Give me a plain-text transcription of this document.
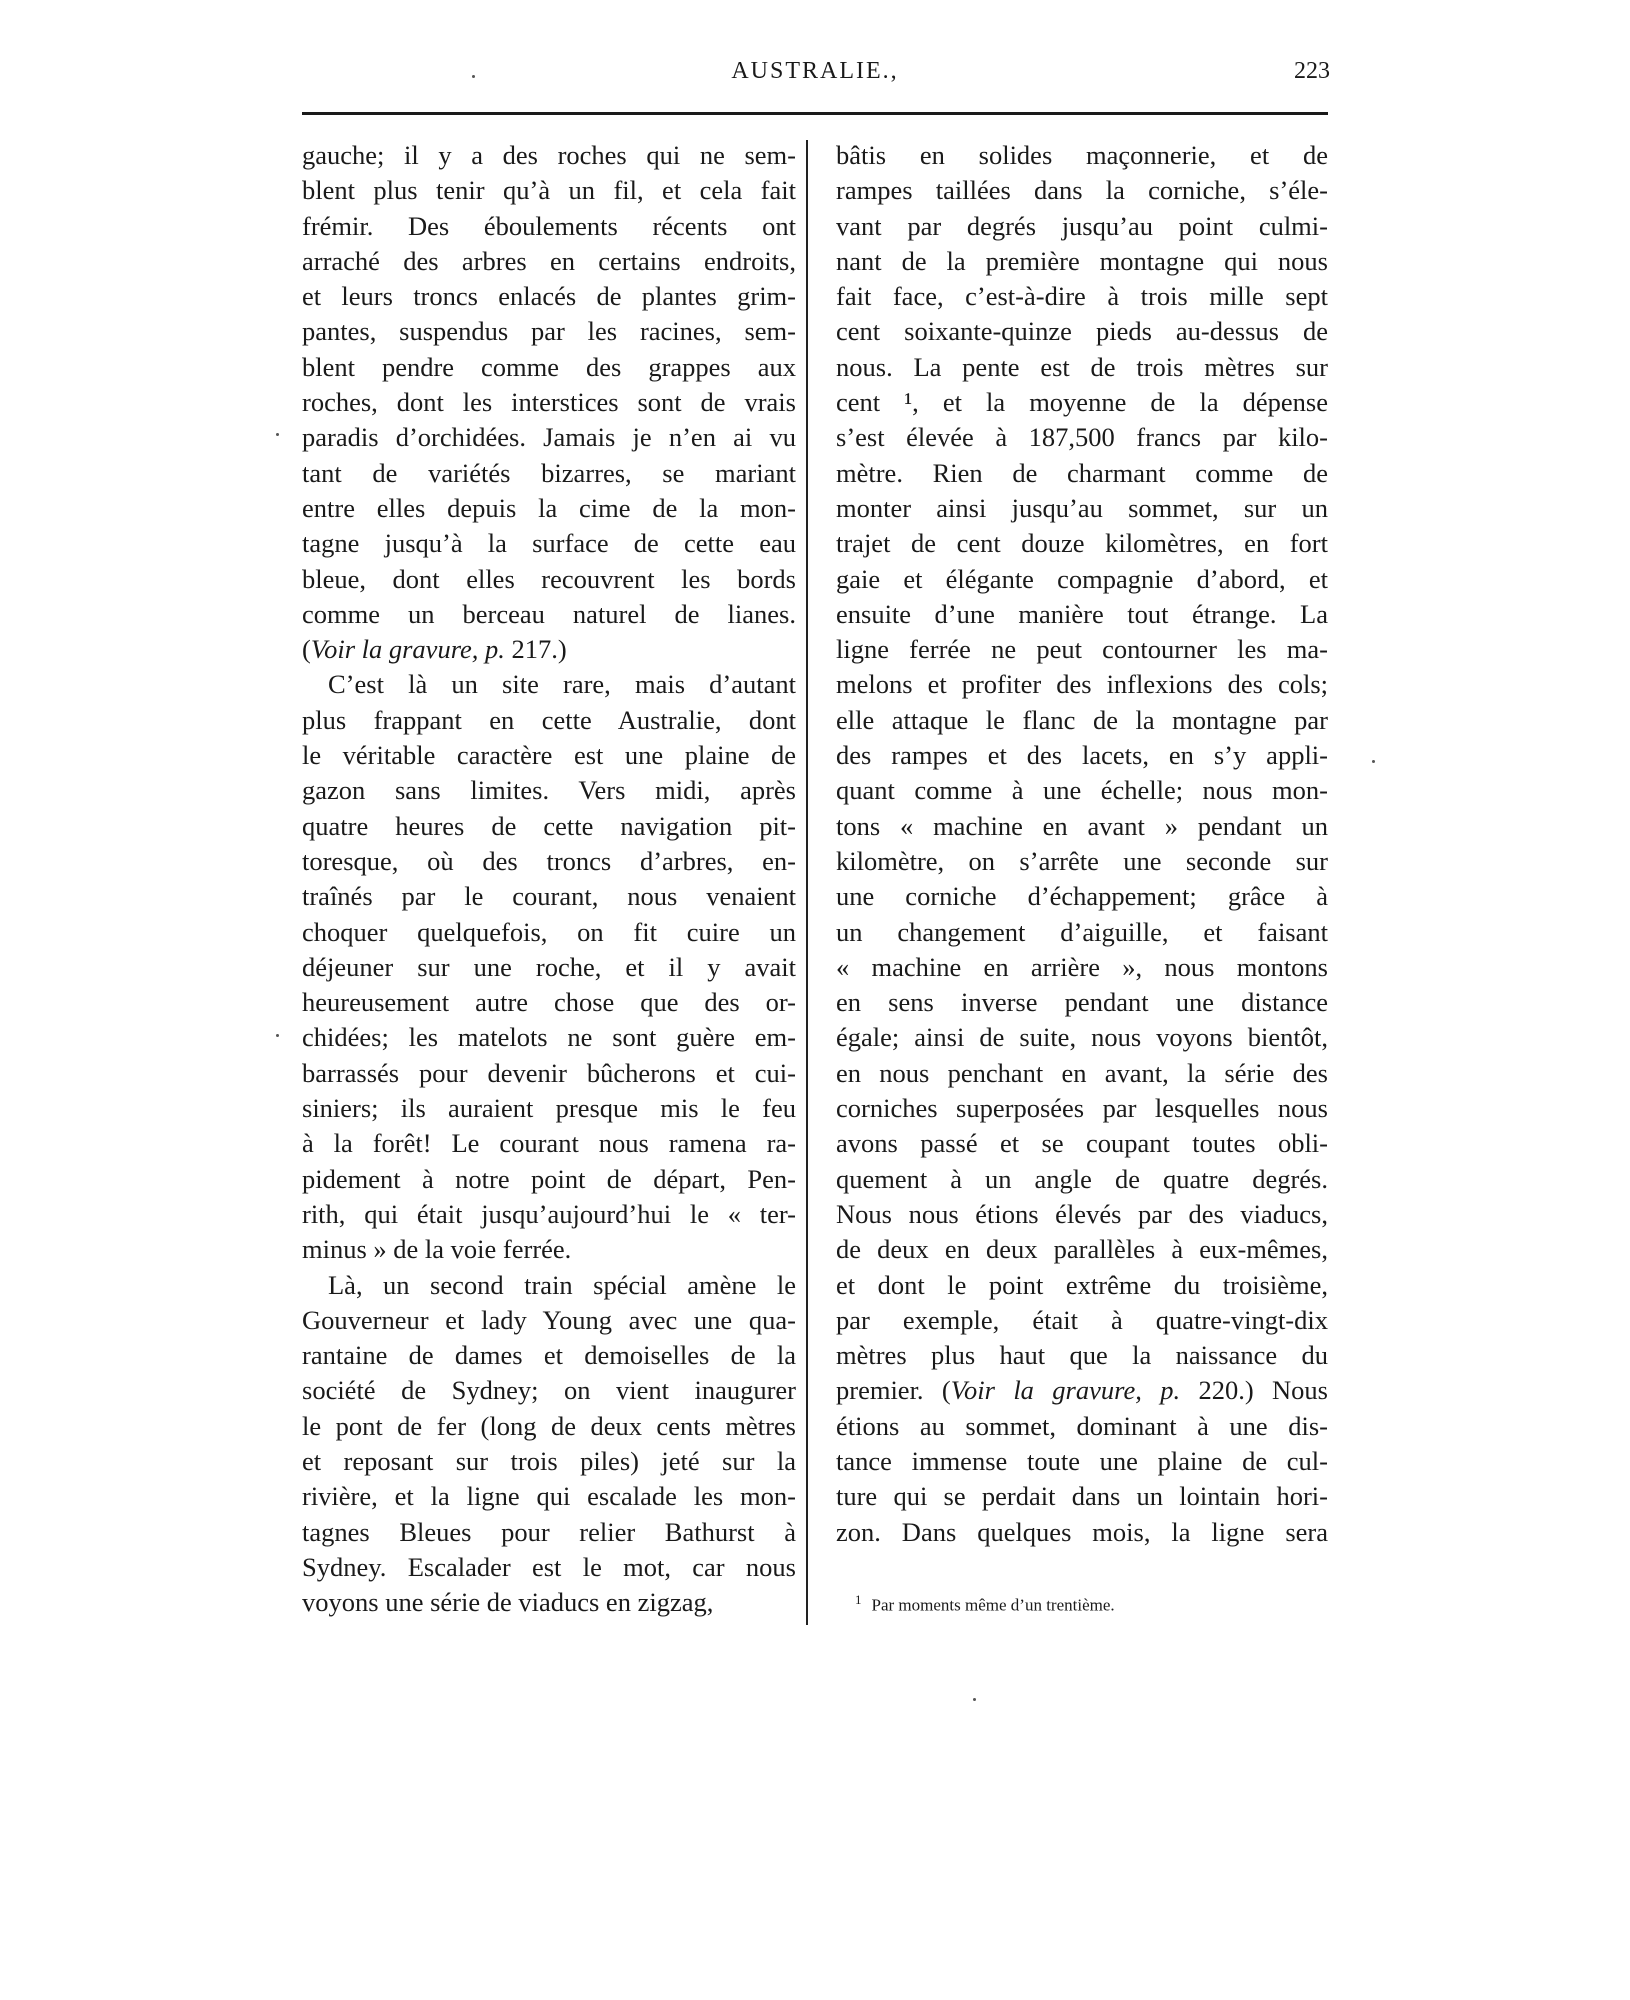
AUSTRALIE.,	223
gauche; il y a des roches qui ne sem-
blent plus tenir qu’à un fil, et cela fait
frémir. Des éboulements récents ont
arraché des arbres en certains endroits,
et leurs troncs enlacés de plantes grim-
pantes, suspendus par les racines, sem-
blent pendre comme des grappes aux
roches, dont les interstices sont de vrais
paradis d’orchidées. Jamais je n’en ai vu
tant de variétés bizarres, se mariant
entre elles depuis la cime de la mon-
tagne jusqu’à la surface de cette eau
bleue, dont elles recouvrent les bords
comme un berceau naturel de lianes.
(Voir la gravure, p. 217.)
C’est là un site rare, mais d’autant
plus frappant en cette Australie, dont
le véritable caractère est une plaine de
gazon sans limites. Vers midi, après
quatre heures de cette navigation pit-
toresque, où des troncs d’arbres, en-
traînés par le courant, nous venaient
choquer quelquefois, on fit cuire un
déjeuner sur une roche, et il y avait
heureusement autre chose que des or-
chidées; les matelots ne sont guère em-
barrassés pour devenir bûcherons et cui-
siniers; ils auraient presque mis le feu
à la forêt! Le courant nous ramena ra-
pidement à notre point de départ, Pen-
rith, qui était jusqu’aujourd’hui le « ter-
minus » de la voie ferrée.
Là, un second train spécial amène le
Gouverneur et lady Young avec une qua-
rantaine de dames et demoiselles de la
société de Sydney; on vient inaugurer
le pont de fer (long de deux cents mètres
et reposant sur trois piles) jeté sur la
rivière, et la ligne qui escalade les mon-
tagnes Bleues pour relier Bathurst à
Sydney. Escalader est le mot, car nous
voyons une série de viaducs en zigzag,
bâtis en solides maçonnerie, et de
rampes taillées dans la corniche, s’éle-
vant par degrés jusqu’au point culmi-
nant de la première montagne qui nous
fait face, c’est-à-dire à trois mille sept
cent soixante-quinze pieds au-dessus de
nous. La pente est de trois mètres sur
cent ¹, et la moyenne de la dépense
s’est élevée à 187,500 francs par kilo-
mètre. Rien de charmant comme de
monter ainsi jusqu’au sommet, sur un
trajet de cent douze kilomètres, en fort
gaie et élégante compagnie d’abord, et
ensuite d’une manière tout étrange. La
ligne ferrée ne peut contourner les ma-
melons et profiter des inflexions des cols;
elle attaque le flanc de la montagne par
des rampes et des lacets, en s’y appli-
quant comme à une échelle; nous mon-
tons « machine en avant » pendant un
kilomètre, on s’arrête une seconde sur
une corniche d’échappement; grâce à
un changement d’aiguille, et faisant
« machine en arrière », nous montons
en sens inverse pendant une distance
égale; ainsi de suite, nous voyons bientôt,
en nous penchant en avant, la série des
corniches superposées par lesquelles nous
avons passé et se coupant toutes obli-
quement à un angle de quatre degrés.
Nous nous étions élevés par des viaducs,
de deux en deux parallèles à eux-mêmes,
et dont le point extrême du troisième,
par exemple, était à quatre-vingt-dix
mètres plus haut que la naissance du
premier. (Voir la gravure, p. 220.) Nous
étions au sommet, dominant à une dis-
tance immense toute une plaine de cul-
ture qui se perdait dans un lointain hori-
zon. Dans quelques mois, la ligne sera
$^1$ Par moments même d’un trentième.
